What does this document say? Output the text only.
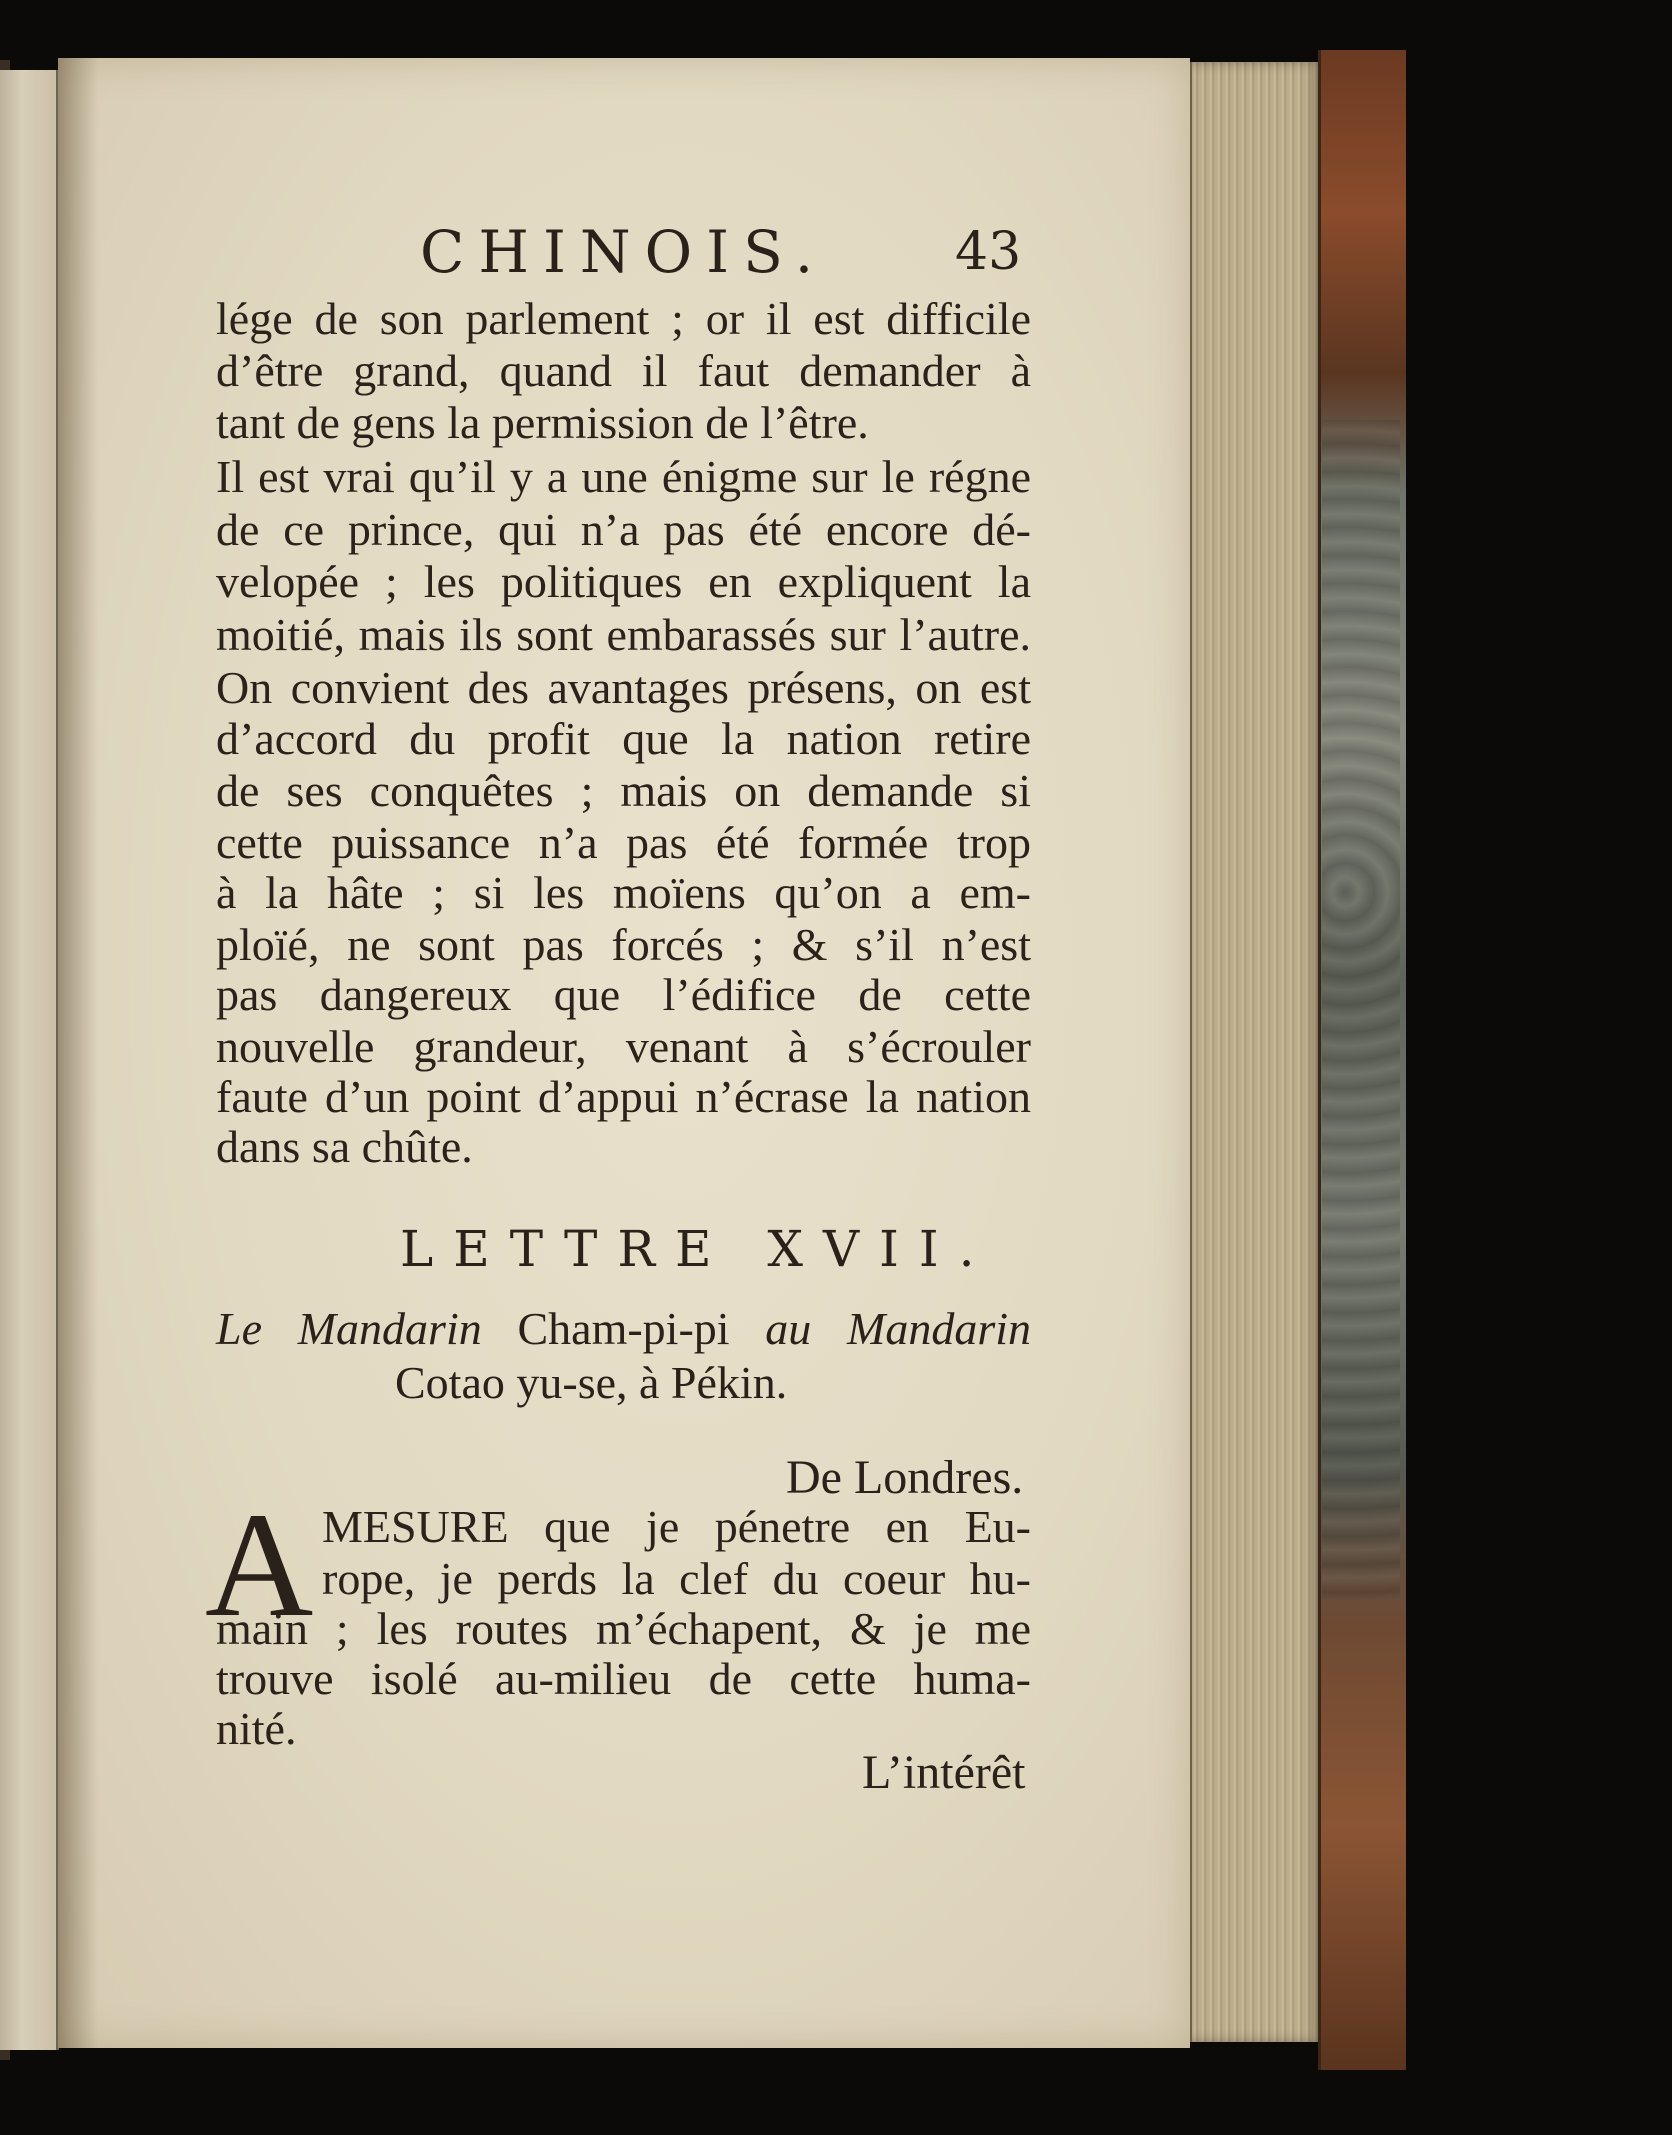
CHINOIS. 43
lége de son parlement ; or il est difficile
d’être grand, quand il faut demander à
tant de gens la permission de l’être.
Il est vrai qu’il y a une énigme sur le régne
de ce prince, qui n’a pas été encore dé-
velopée ; les politiques en expliquent la
moitié, mais ils sont embarassés sur l’autre.
On convient des avantages présens, on est
d’accord du profit que la nation retire
de ses conquêtes ; mais on demande si
cette puissance n’a pas été formée trop
à la hâte ; si les moïens qu’on a em-
ploïé, ne sont pas forcés ; & s’il n’est
pas dangereux que l’édifice de cette
nouvelle grandeur, venant à s’écrouler
faute d’un point d’appui n’écrase la nation
dans sa chûte.
LETTRE XVII.
Le Mandarin Cham-pi-pi au Mandarin
Cotao yu-se, à Pékin.
De Londres.
A MESURE que je pénetre en Eu-
rope, je perds la clef du coeur hu-
main ; les routes m’échapent, & je me
trouve isolé au-milieu de cette huma-
nité.
L’intérêt
